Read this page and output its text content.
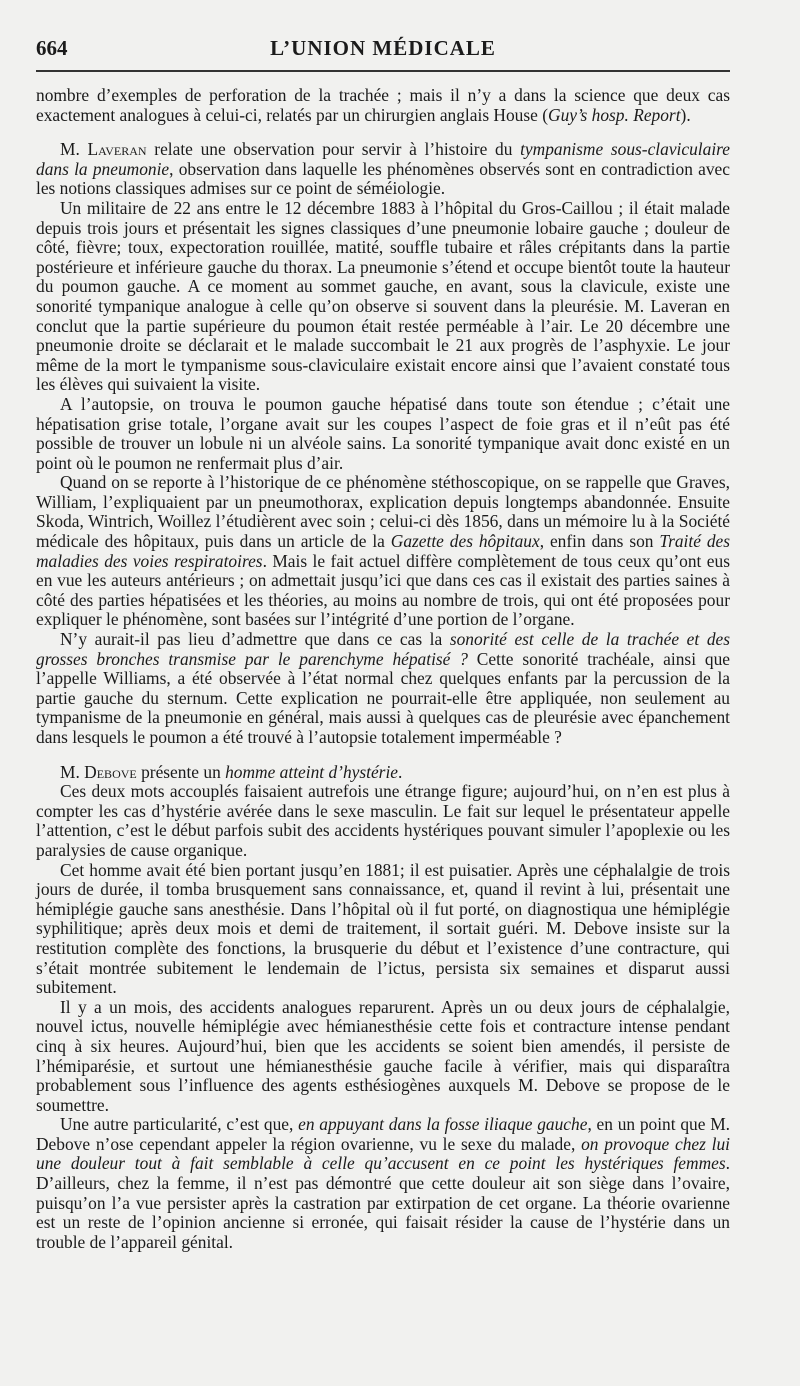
664	L’UNION MÉDICALE

nombre d’exemples de perforation de la trachée ; mais il n’y a dans la science que deux cas exactement analogues à celui-ci, relatés par un chirurgien anglais House (Guy’s hosp. Report).

M. Laveran relate une observation pour servir à l’histoire du tympanisme sous-claviculaire dans la pneumonie, observation dans laquelle les phénomènes observés sont en contradiction avec les notions classiques admises sur ce point de séméiologie.

Un militaire de 22 ans entre le 12 décembre 1883 à l’hôpital du Gros-Caillou ; il était malade depuis trois jours et présentait les signes classiques d’une pneumonie lobaire gauche ; douleur de côté, fièvre; toux, expectoration rouillée, matité, souffle tubaire et râles crépitants dans la partie postérieure et inférieure gauche du thorax. La pneumonie s’étend et occupe bientôt toute la hauteur du poumon gauche. A ce moment au sommet gauche, en avant, sous la clavicule, existe une sonorité tympanique analogue à celle qu’on observe si souvent dans la pleurésie. M. Laveran en conclut que la partie supérieure du poumon était restée perméable à l’air. Le 20 décembre une pneumonie droite se déclarait et le malade succombait le 21 aux progrès de l’asphyxie. Le jour même de la mort le tympanisme sous-claviculaire existait encore ainsi que l’avaient constaté tous les élèves qui suivaient la visite.

A l’autopsie, on trouva le poumon gauche hépatisé dans toute son étendue ; c’était une hépatisation grise totale, l’organe avait sur les coupes l’aspect de foie gras et il n’eût pas été possible de trouver un lobule ni un alvéole sains. La sonorité tympanique avait donc existé en un point où le poumon ne renfermait plus d’air.

Quand on se reporte à l’historique de ce phénomène stéthoscopique, on se rappelle que Graves, William, l’expliquaient par un pneumothorax, explication depuis longtemps abandonnée. Ensuite Skoda, Wintrich, Woillez l’étudièrent avec soin ; celui-ci dès 1856, dans un mémoire lu à la Société médicale des hôpitaux, puis dans un article de la Gazette des hôpitaux, enfin dans son Traité des maladies des voies respiratoires. Mais le fait actuel diffère complètement de tous ceux qu’ont eus en vue les auteurs antérieurs ; on admettait jusqu’ici que dans ces cas il existait des parties saines à côté des parties hépatisées et les théories, au moins au nombre de trois, qui ont été proposées pour expliquer le phénomène, sont basées sur l’intégrité d’une portion de l’organe.

N’y aurait-il pas lieu d’admettre que dans ce cas la sonorité est celle de la trachée et des grosses bronches transmise par le parenchyme hépatisé ? Cette sonorité trachéale, ainsi que l’appelle Williams, a été observée à l’état normal chez quelques enfants par la percussion de la partie gauche du sternum. Cette explication ne pourrait-elle être appliquée, non seulement au tympanisme de la pneumonie en général, mais aussi à quelques cas de pleurésie avec épanchement dans lesquels le poumon a été trouvé à l’autopsie totalement imperméable ?

M. Debove présente un homme atteint d’hystérie.

Ces deux mots accouplés faisaient autrefois une étrange figure; aujourd’hui, on n’en est plus à compter les cas d’hystérie avérée dans le sexe masculin. Le fait sur lequel le présentateur appelle l’attention, c’est le début parfois subit des accidents hystériques pouvant simuler l’apoplexie ou les paralysies de cause organique.

Cet homme avait été bien portant jusqu’en 1881; il est puisatier. Après une céphalalgie de trois jours de durée, il tomba brusquement sans connaissance, et, quand il revint à lui, présentait une hémiplégie gauche sans anesthésie. Dans l’hôpital où il fut porté, on diagnostiqua une hémiplégie syphilitique; après deux mois et demi de traitement, il sortait guéri. M. Debove insiste sur la restitution complète des fonctions, la brusquerie du début et l’existence d’une contracture, qui s’était montrée subitement le lendemain de l’ictus, persista six semaines et disparut aussi subitement.

Il y a un mois, des accidents analogues reparurent. Après un ou deux jours de céphalalgie, nouvel ictus, nouvelle hémiplégie avec hémianesthésie cette fois et contracture intense pendant cinq à six heures. Aujourd’hui, bien que les accidents se soient bien amendés, il persiste de l’hémiparésie, et surtout une hémianesthésie gauche facile à vérifier, mais qui disparaîtra probablement sous l’influence des agents esthésiogènes auxquels M. Debove se propose de le soumettre.

Une autre particularité, c’est que, en appuyant dans la fosse iliaque gauche, en un point que M. Debove n’ose cependant appeler la région ovarienne, vu le sexe du malade, on provoque chez lui une douleur tout à fait semblable à celle qu’accusent en ce point les hystériques femmes. D’ailleurs, chez la femme, il n’est pas démontré que cette douleur ait son siège dans l’ovaire, puisqu’on l’a vue persister après la castration par extirpation de cet organe. La théorie ovarienne est un reste de l’opinion ancienne si erronée, qui faisait résider la cause de l’hystérie dans un trouble de l’appareil génital.
